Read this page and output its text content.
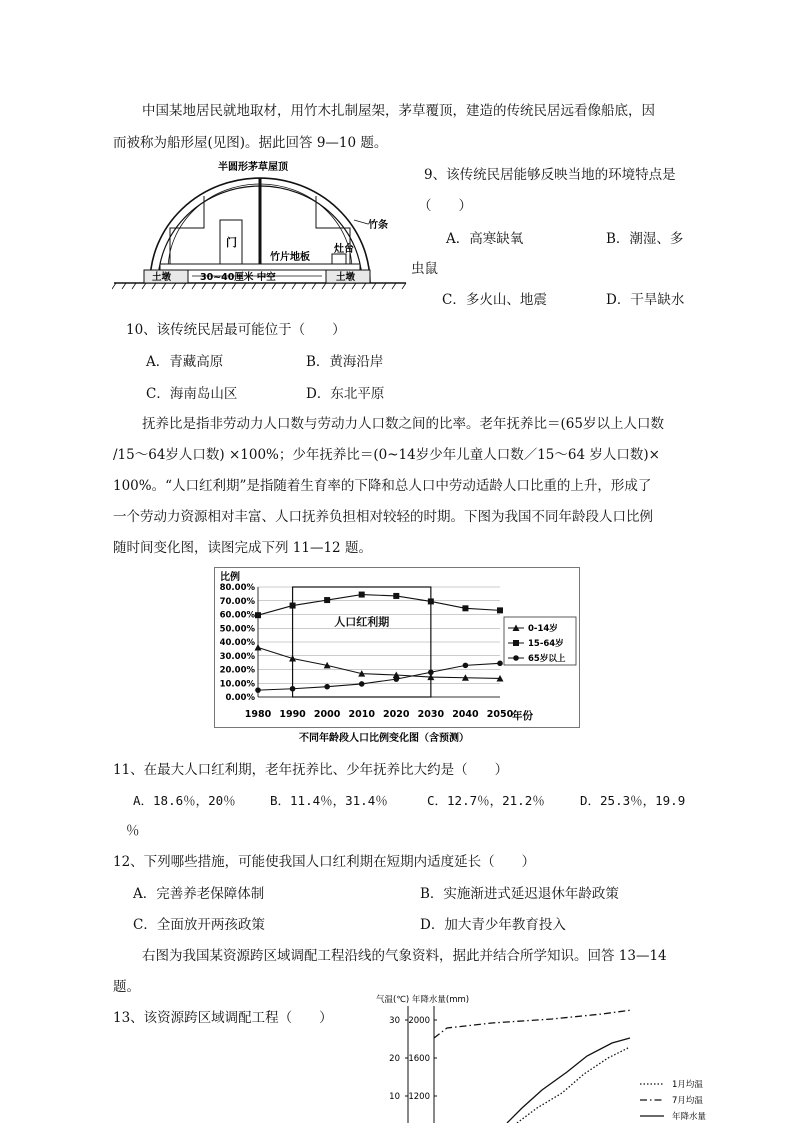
中国某地居民就地取材，用竹木扎制屋架，茅草覆顶，建造的传统民居远看像船底，因
而被称为船形屋(见图)。据此回答 9—10 题。
半圆形茅草屋顶
门
竹条
竹片地板
灶台
土墩	土墩
30~40厘米 中空
9、该传统民居能够反映当地的环境特点是
（　　）
A．高寒缺氧	B．潮湿、多
虫鼠
C．多火山、地震	D．干旱缺水
10、该传统民居最可能位于（　　）
A．青藏高原	B．黄海沿岸
C．海南岛山区	D．东北平原
抚养比是指非劳动力人口数与劳动力人口数之间的比率。老年抚养比＝(65岁以上人口数
/15～64岁人口数) ×100%；少年抚养比＝(0~14岁少年儿童人口数／15～64 岁人口数)×
100%。“人口红利期”是指随着生育率的下降和总人口中劳动适龄人口比重的上升，形成了
一个劳动力资源相对丰富、人口抚养负担相对较轻的时期。下图为我国不同年龄段人口比例
随时间变化图，读图完成下列 11—12 题。
比例
年份
不同年龄段人口比例变化图（含预测）
0.00%
10.00%
20.00%
30.00%
40.00%
50.00%
60.00%
70.00%
80.00%
1980 1990 2000 2010 2020 2030 2040 2050
人口红利期
0-14岁
15-64岁
65岁以上
11、在最大人口红利期，老年抚养比、少年抚养比大约是（　　）
A．18.6％，20％	B．11.4％，31.4％	C．12.7％，21.2％	D．25.3％，19.9
％
12、下列哪些措施，可能使我国人口红利期在短期内适度延长（　　）
A．完善养老保障体制	B．实施渐进式延迟退休年龄政策
C．全面放开两孩政策	D．加大青少年教育投入
右图为我国某资源跨区域调配工程沿线的气象资料，据此并结合所学知识。回答 13—14
题。
13、该资源跨区域调配工程（　　）
气温(℃) 年降水量(mm)
10
20
30
1200
1600
2000
1月均温
7月均温
年降水量
